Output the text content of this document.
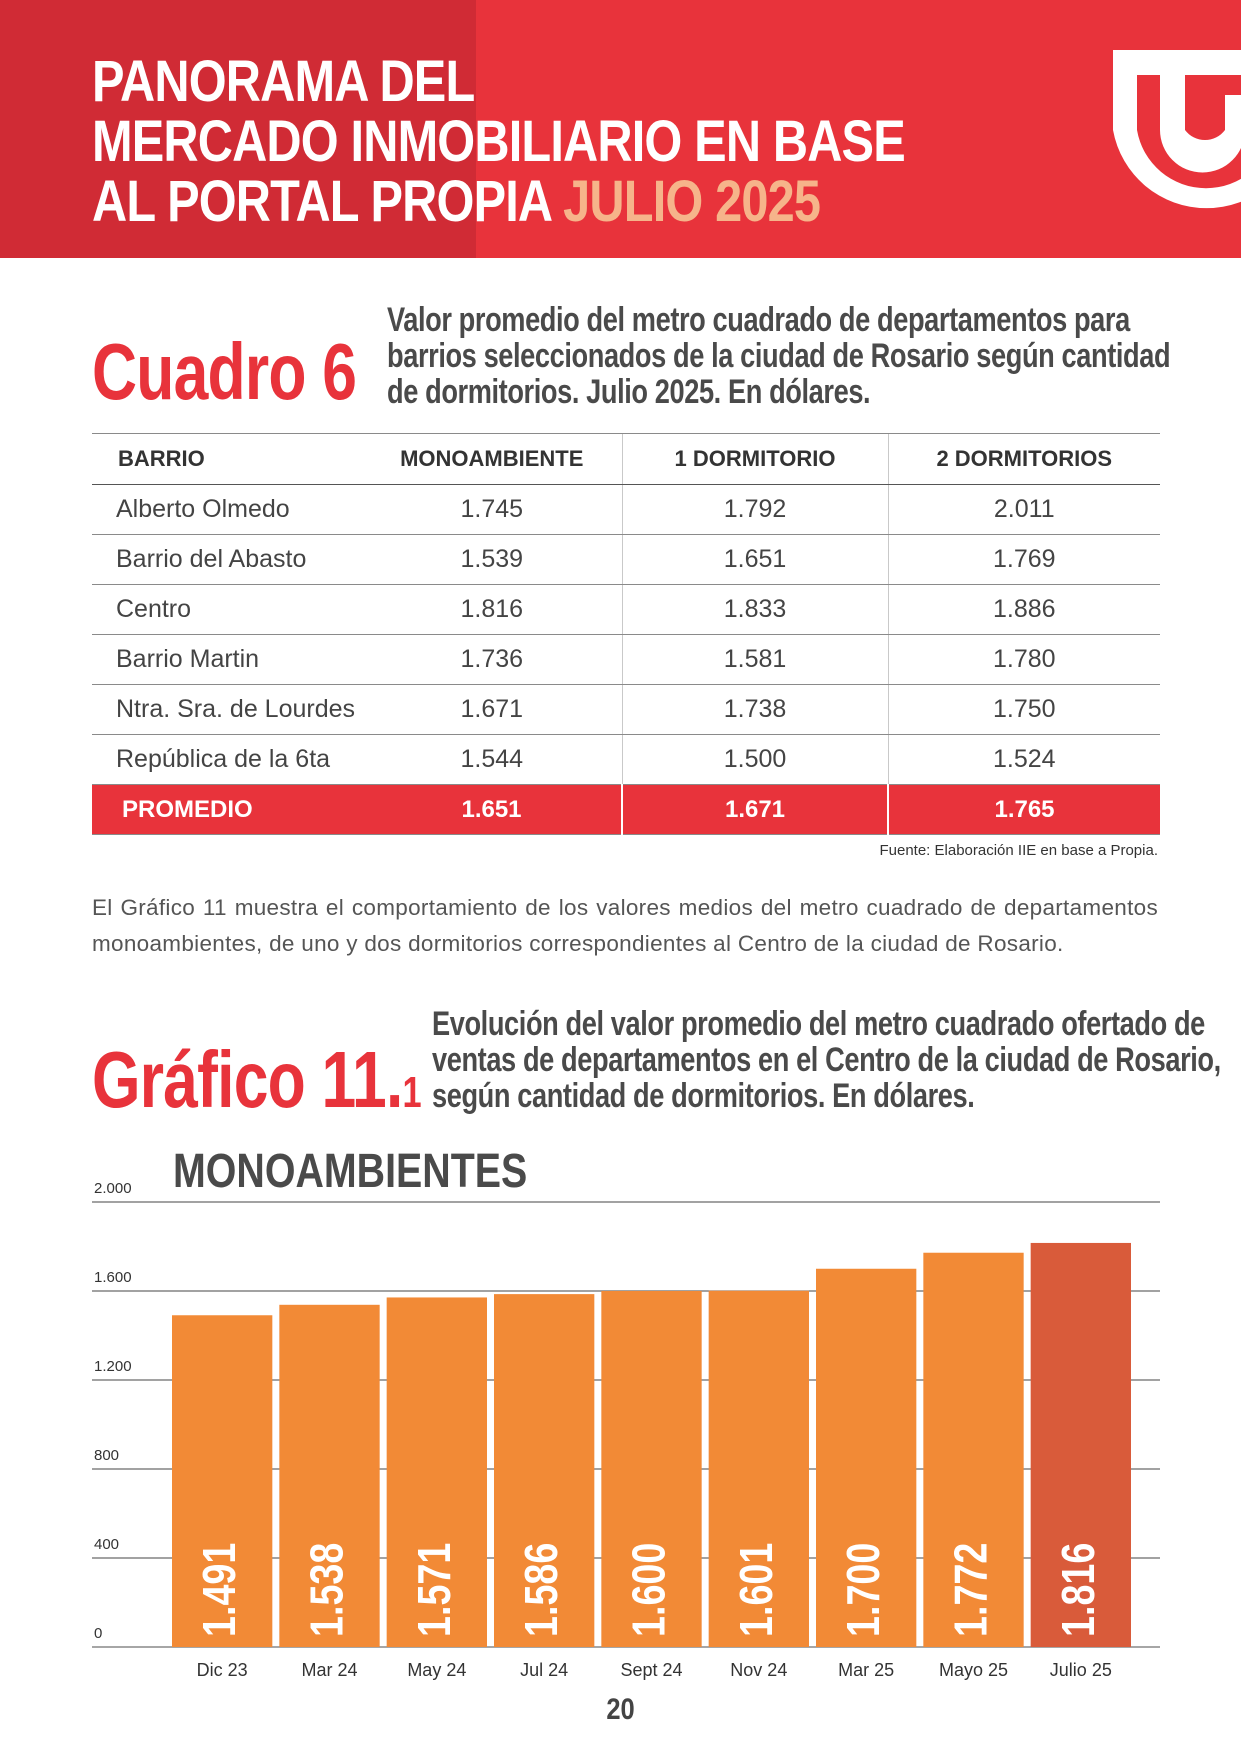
PANORAMA DEL
MERCADO INMOBILIARIO EN BASE
AL PORTAL PROPIA JULIO 2025
Cuadro 6

Valor promedio del metro cuadrado de departamentos para
barrios seleccionados de la ciudad de Rosario según cantidad
de dormitorios. Julio 2025. En dólares.

BARRIO	MONOAMBIENTE	1 DORMITORIO	2 DORMITORIOS
Alberto Olmedo	1.745	1.792	2.011
Barrio del Abasto	1.539	1.651	1.769
Centro	1.816	1.833	1.886
Barrio Martin	1.736	1.581	1.780
Ntra. Sra. de Lourdes	1.671	1.738	1.750
República de la 6ta	1.544	1.500	1.524
PROMEDIO	1.651	1.671	1.765
Fuente: Elaboración IIE en base a Propia.

El Gráfico 11 muestra el comportamiento de los valores medios del metro cuadrado de departamentos monoambientes, de uno y dos dormitorios correspondientes al Centro de la ciudad de Rosario.

Gráfico 11.1

Evolución del valor promedio del metro cuadrado ofertado de
ventas de departamentos en el Centro de la ciudad de Rosario,
según cantidad de dormitorios. En dólares.

0
400
800
1.200
1.600
2.000
1.491
Dic 23
1.538
Mar 24
1.571
May 24
1.586
Jul 24
1.600
Sept 24
1.601
Nov 24
1.700
Mar 25
1.772
Mayo 25
1.816
Julio 25
MONOAMBIENTES
20
